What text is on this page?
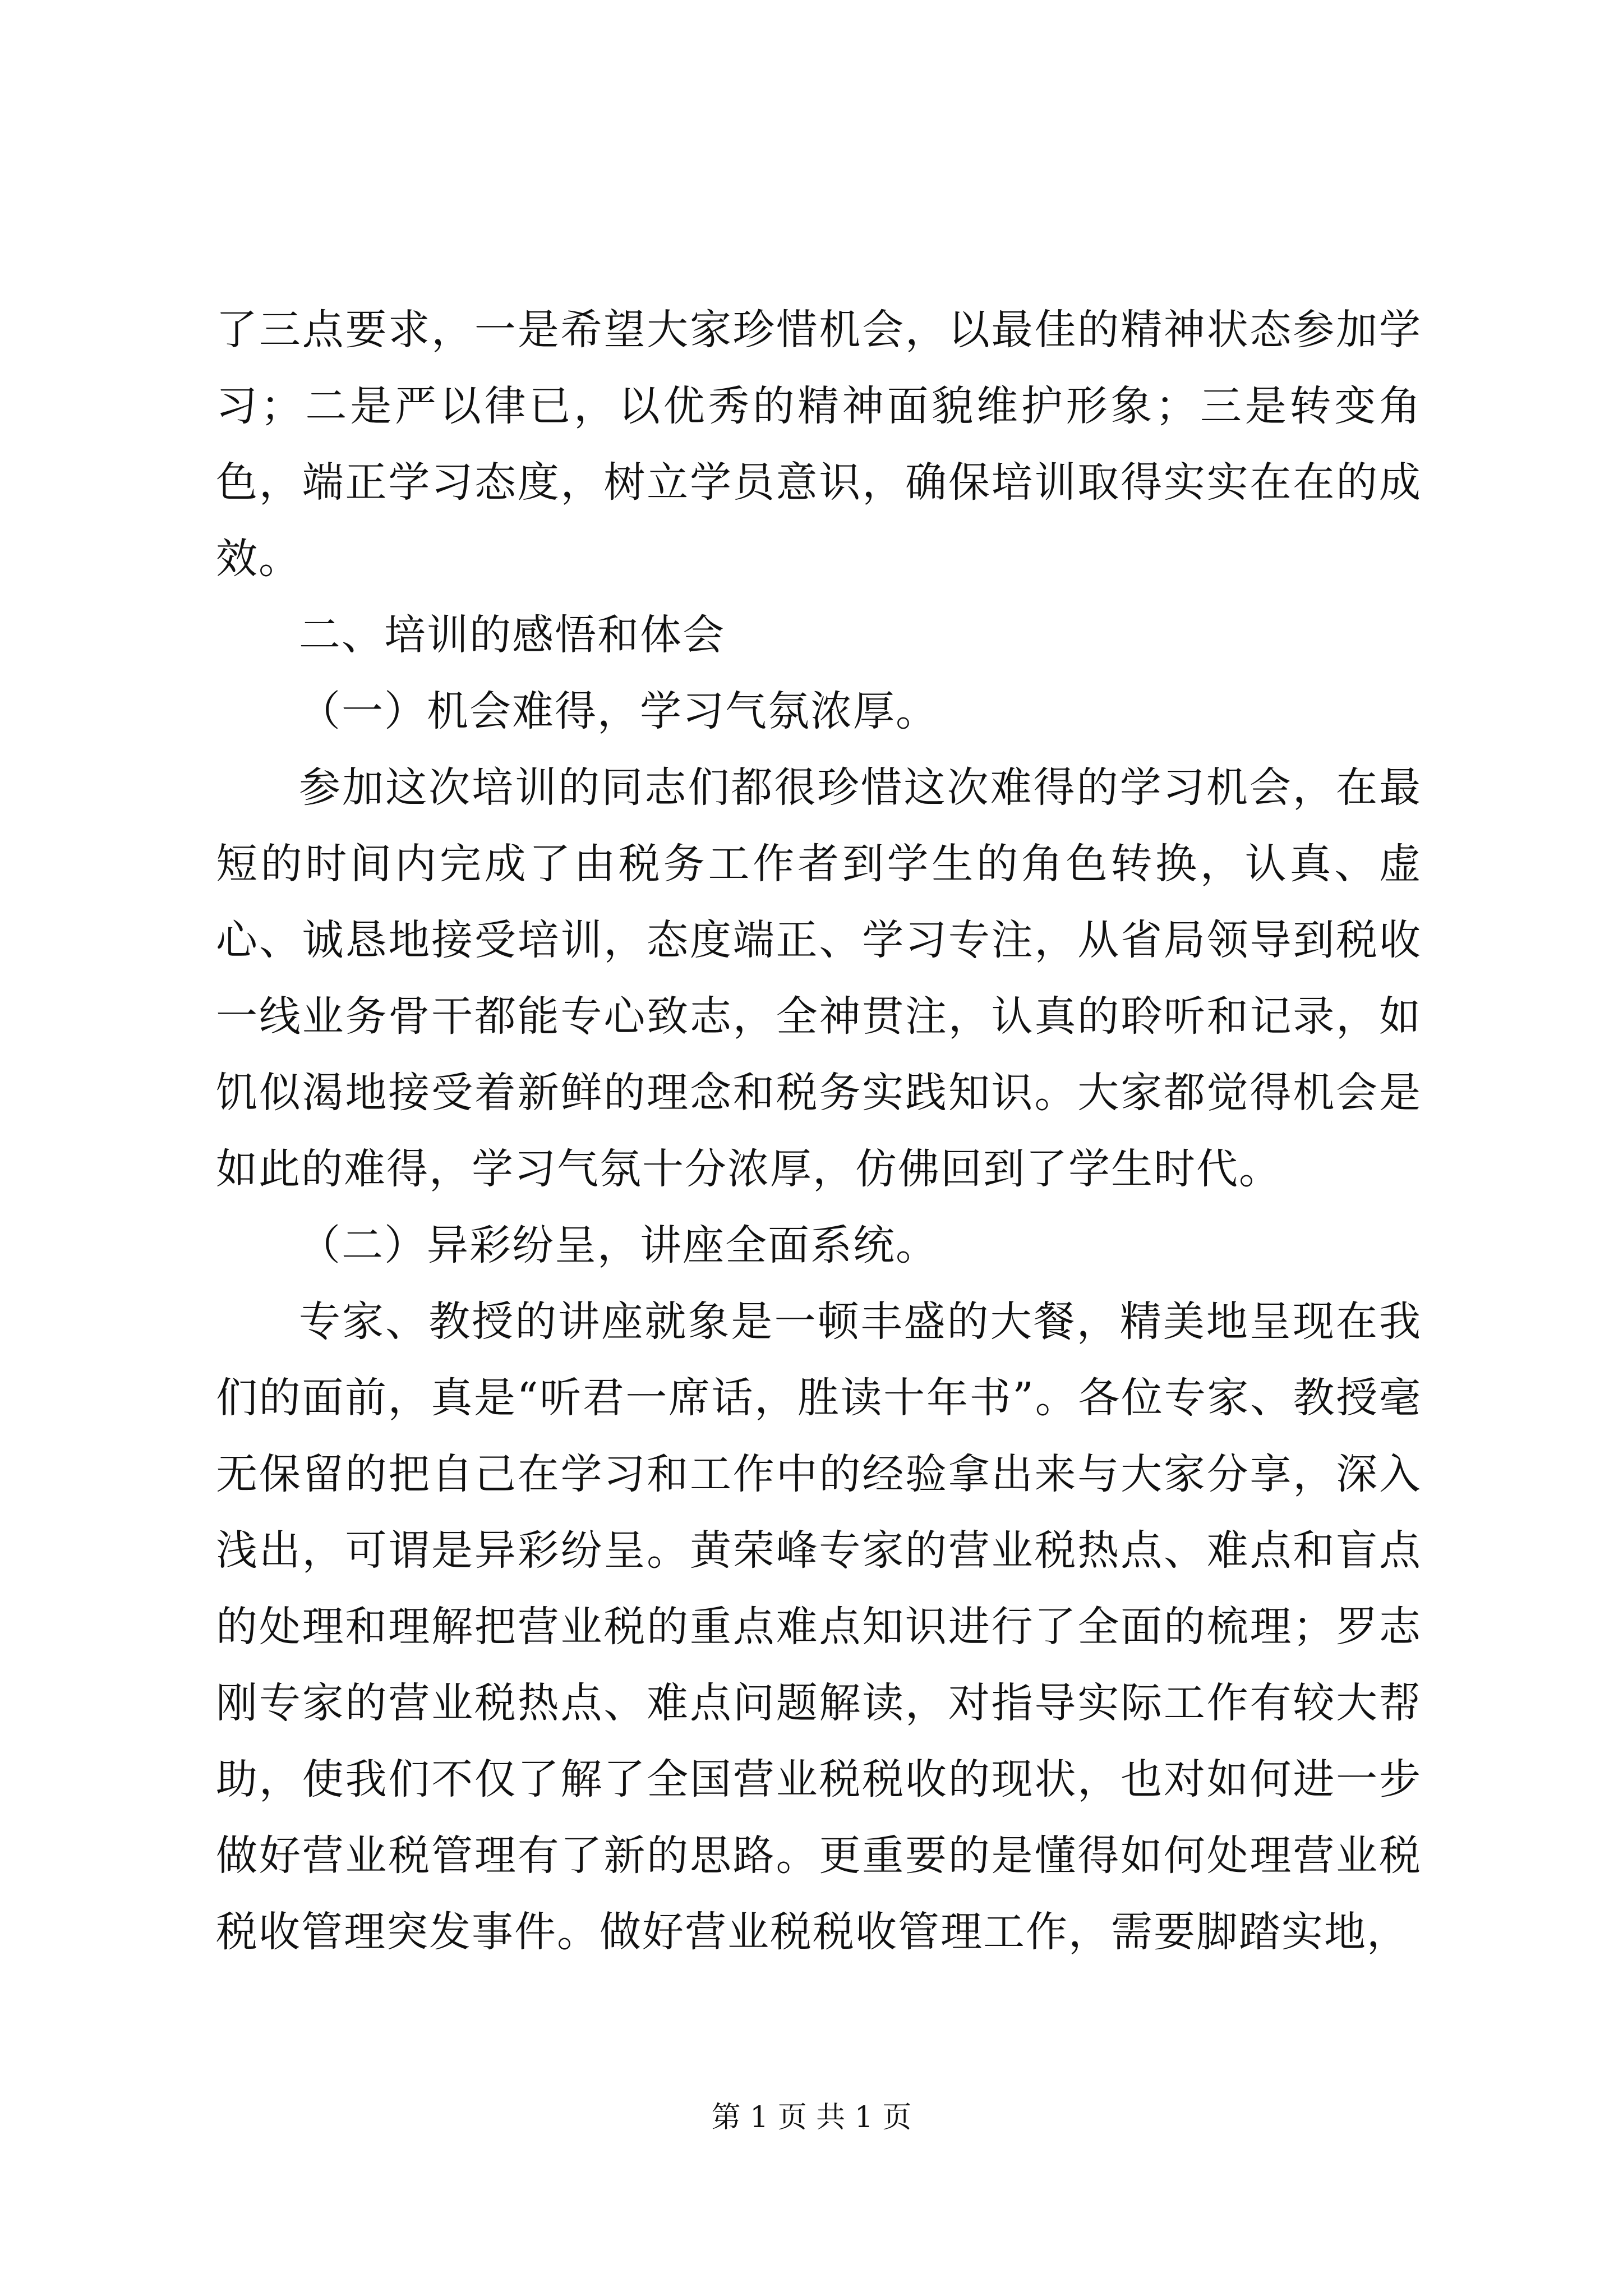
了三点要求，一是希望大家珍惜机会，以最佳的精神状态参加学习；二是严以律已，以优秀的精神面貌维护形象；三是转变角色，端正学习态度，树立学员意识，确保培训取得实实在在的成效。

二、培训的感悟和体会

（一）机会难得，学习气氛浓厚。

参加这次培训的同志们都很珍惜这次难得的学习机会，在最短的时间内完成了由税务工作者到学生的角色转换，认真、虚心、诚恳地接受培训，态度端正、学习专注，从省局领导到税收一线业务骨干都能专心致志，全神贯注，认真的聆听和记录，如饥似渴地接受着新鲜的理念和税务实践知识。大家都觉得机会是如此的难得，学习气氛十分浓厚，仿佛回到了学生时代。

（二）异彩纷呈，讲座全面系统。

专家、教授的讲座就象是一顿丰盛的大餐，精美地呈现在我们的面前，真是“听君一席话，胜读十年书”。各位专家、教授毫无保留的把自己在学习和工作中的经验拿出来与大家分享，深入浅出，可谓是异彩纷呈。黄荣峰专家的营业税热点、难点和盲点的处理和理解把营业税的重点难点知识进行了全面的梳理；罗志刚专家的营业税热点、难点问题解读，对指导实际工作有较大帮助，使我们不仅了解了全国营业税税收的现状，也对如何进一步做好营业税管理有了新的思路。更重要的是懂得如何处理营业税税收管理突发事件。做好营业税税收管理工作，需要脚踏实地，

第 1 页 共 1 页
